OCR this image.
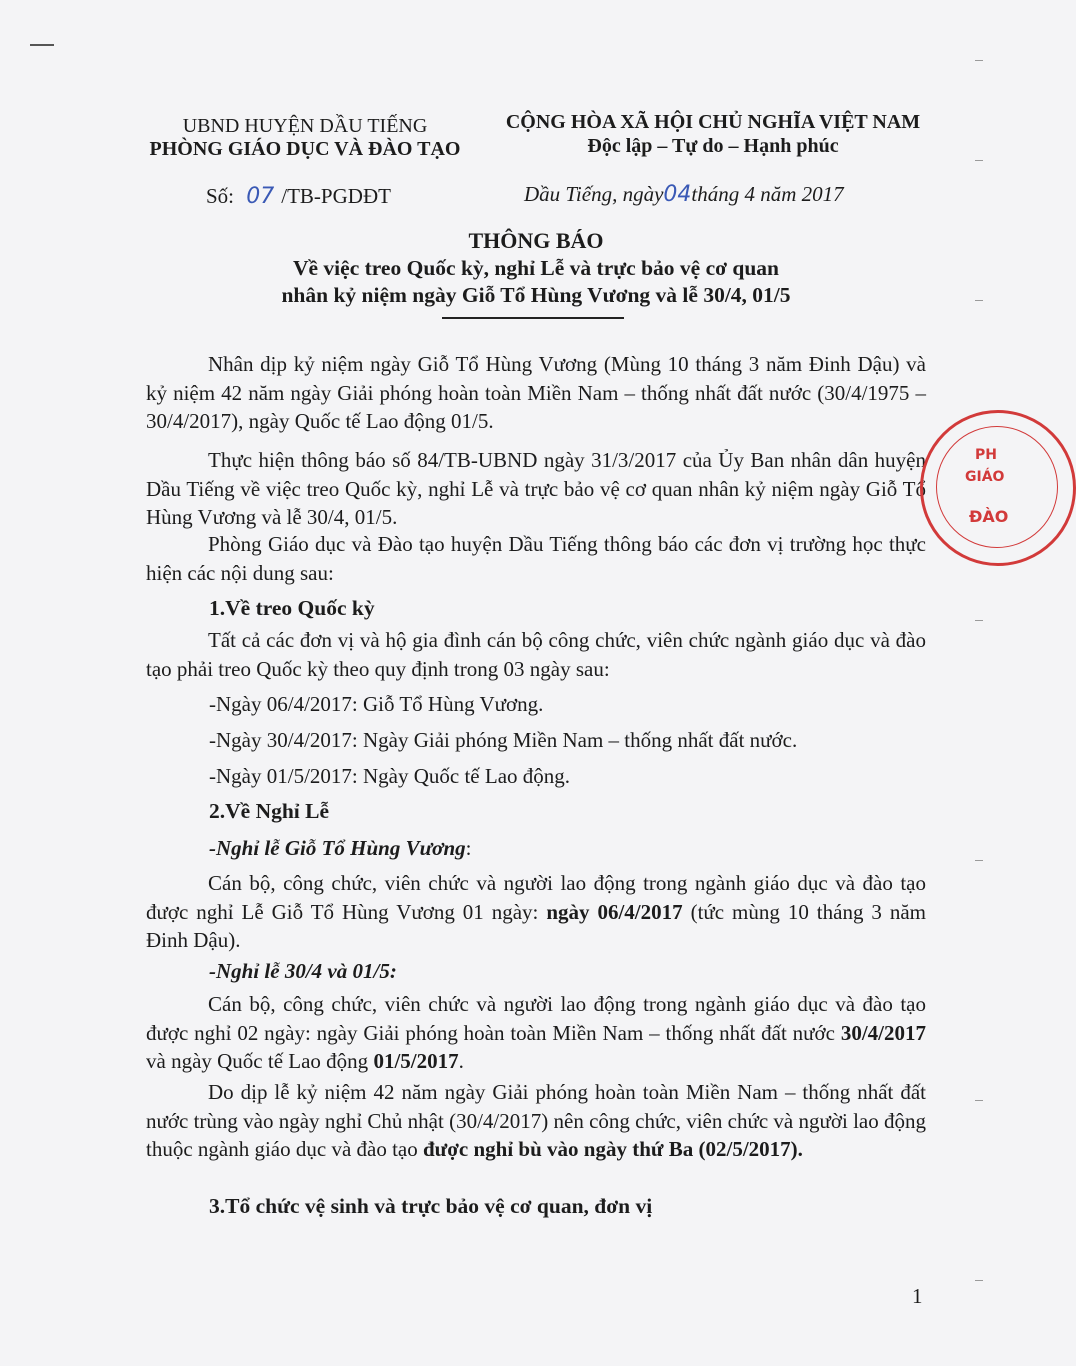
UBND HUYỆN DẦU TIẾNG
PHÒNG GIÁO DỤC VÀ ĐÀO TẠO
CỘNG HÒA XÃ HỘI CHỦ NGHĨA VIỆT NAM
Độc lập – Tự do – Hạnh phúc
Số: 07 /TB-PGDĐT	Dầu Tiếng, ngày04tháng 4 năm 2017
THÔNG BÁO
Về việc treo Quốc kỳ, nghỉ Lễ và trực bảo vệ cơ quan
nhân kỷ niệm ngày Giỗ Tổ Hùng Vương và lễ 30/4, 01/5
Nhân dịp kỷ niệm ngày Giỗ Tổ Hùng Vương (Mùng 10 tháng 3 năm Đinh Dậu) và kỷ niệm 42 năm ngày Giải phóng hoàn toàn Miền Nam – thống nhất đất nước (30/4/1975 – 30/4/2017), ngày Quốc tế Lao động 01/5.
Thực hiện thông báo số 84/TB-UBND ngày 31/3/2017 của Ủy Ban nhân dân huyện Dầu Tiếng về việc treo Quốc kỳ, nghỉ Lễ và trực bảo vệ cơ quan nhân kỷ niệm ngày Giỗ Tổ Hùng Vương và lễ 30/4, 01/5.
Phòng Giáo dục và Đào tạo huyện Dầu Tiếng thông báo các đơn vị trường học thực hiện các nội dung sau:
1.Về treo Quốc kỳ
Tất cả các đơn vị và hộ gia đình cán bộ công chức, viên chức ngành giáo dục và đào tạo phải treo Quốc kỳ theo quy định trong 03 ngày sau:
-Ngày 06/4/2017: Giỗ Tổ Hùng Vương.
-Ngày 30/4/2017: Ngày Giải phóng Miền Nam – thống nhất đất nước.
-Ngày 01/5/2017: Ngày Quốc tế Lao động.
2.Về Nghỉ Lễ
-Nghỉ lễ Giỗ Tổ Hùng Vương:
Cán bộ, công chức, viên chức và người lao động trong ngành giáo dục và đào tạo được nghỉ Lễ Giỗ Tổ Hùng Vương 01 ngày: ngày 06/4/2017 (tức mùng 10 tháng 3 năm Đinh Dậu).
-Nghỉ lễ 30/4 và 01/5:
Cán bộ, công chức, viên chức và người lao động trong ngành giáo dục và đào tạo được nghỉ 02 ngày: ngày Giải phóng hoàn toàn Miền Nam – thống nhất đất nước 30/4/2017 và ngày Quốc tế Lao động 01/5/2017.
Do dịp lễ kỷ niệm 42 năm ngày Giải phóng hoàn toàn Miền Nam – thống nhất đất nước trùng vào ngày nghỉ Chủ nhật (30/4/2017) nên công chức, viên chức và người lao động thuộc ngành giáo dục và đào tạo được nghỉ bù vào ngày thứ Ba (02/5/2017).
3.Tổ chức vệ sinh và trực bảo vệ cơ quan, đơn vị
1
PH
GIÁO
ĐÀO
